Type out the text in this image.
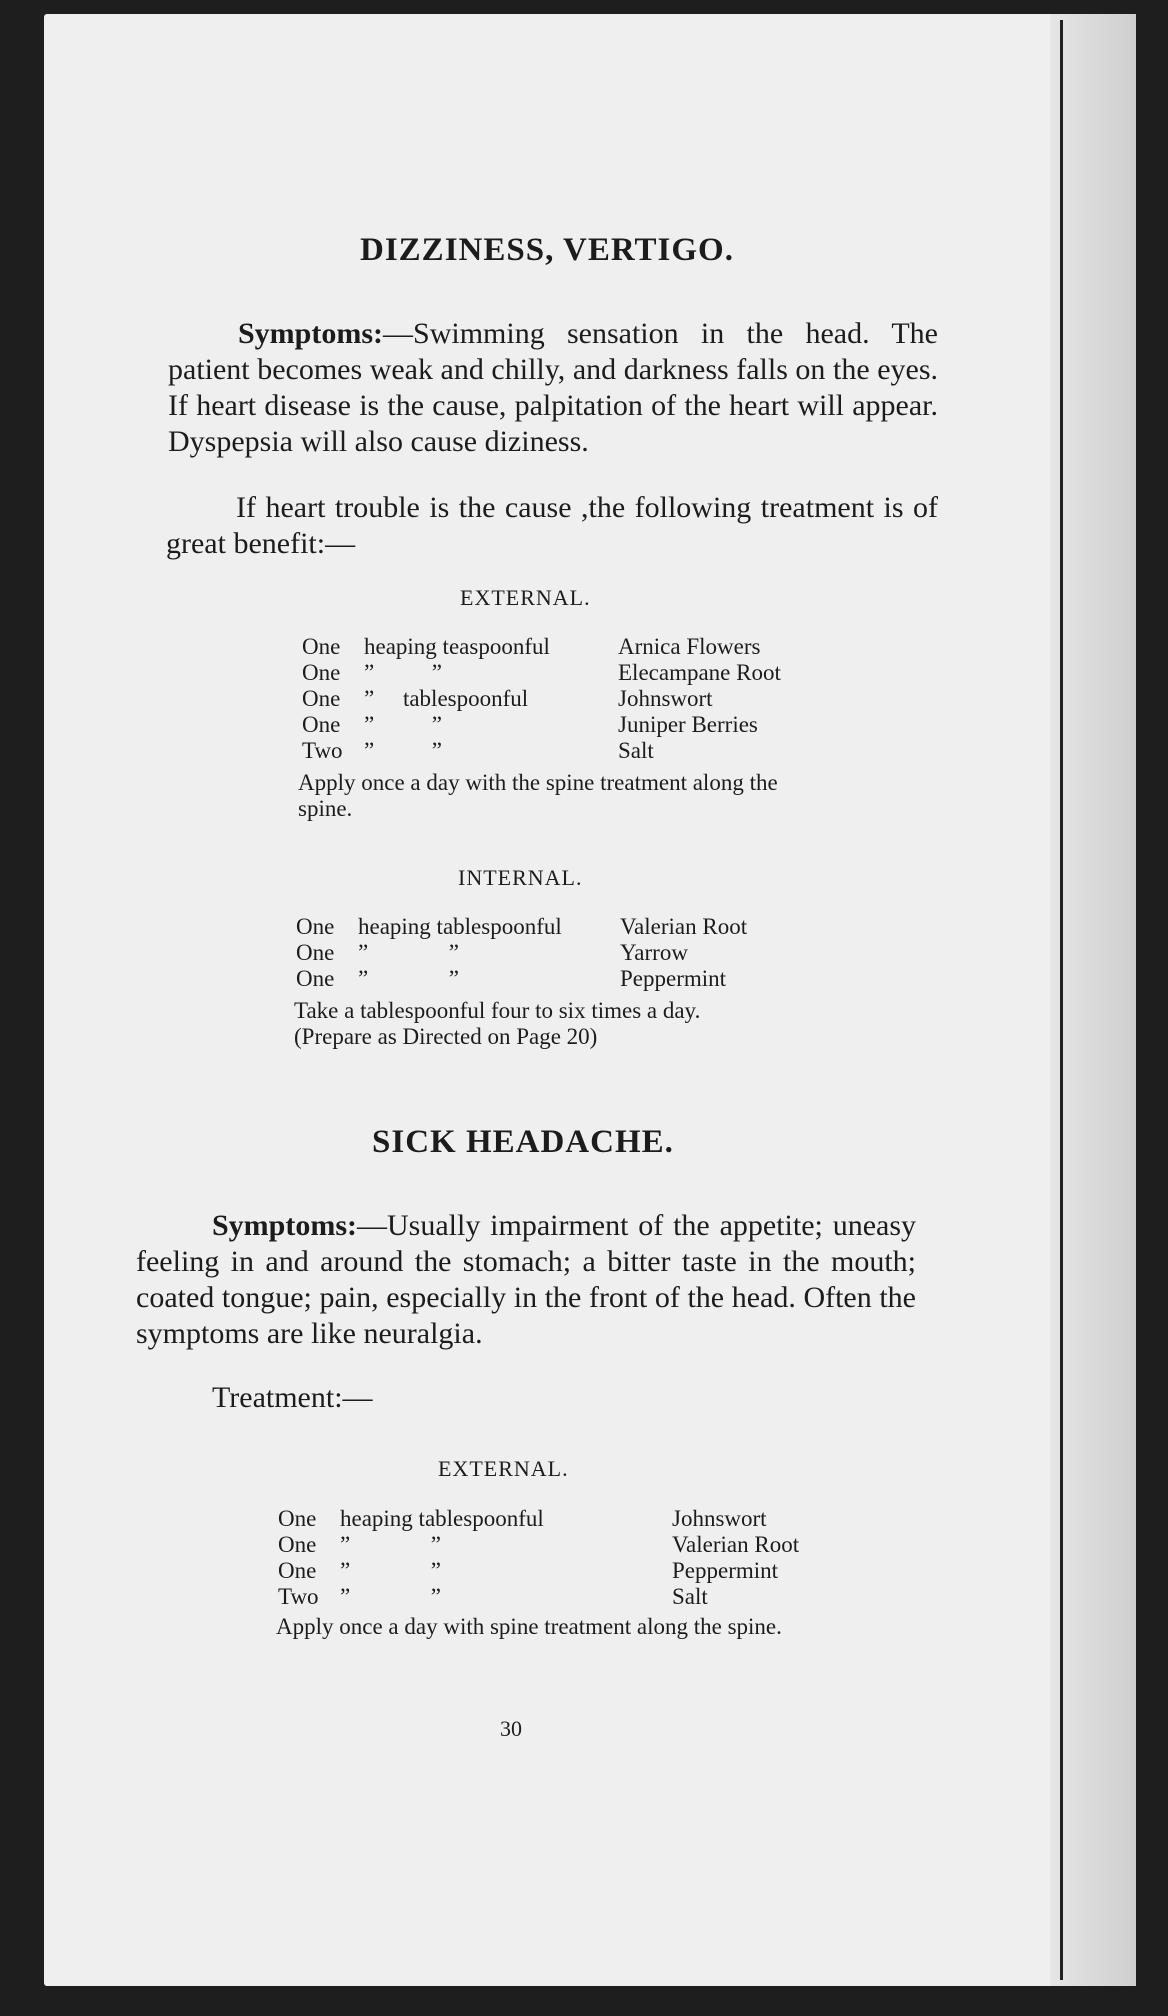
DIZZINESS, VERTIGO.

Symptoms:—Swimming sensation in the head. The patient becomes weak and chilly, and darkness falls on the eyes. If heart disease is the cause, palpitation of the heart will appear. Dyspepsia will also cause diziness.

If heart trouble is the cause ,the following treatment is of great benefit:—

EXTERNAL.

One	heaping teaspoonful	Arnica Flowers
One	”          ”	Elecampane Root
One	”     tablespoonful	Johnswort
One	”          ”	Juniper Berries
Two	”          ”	Salt

Apply once a day with the spine treatment along the spine.

INTERNAL.

One	heaping tablespoonful	Valerian Root
One	”              ”	Yarrow
One	”              ”	Peppermint

Take a tablespoonful four to six times a day.

(Prepare as Directed on Page 20)

SICK HEADACHE.

Symptoms:—Usually impairment of the appetite; uneasy feeling in and around the stomach; a bitter taste in the mouth; coated tongue; pain, especially in the front of the head. Often the symptoms are like neuralgia.

Treatment:—

EXTERNAL.

One	heaping tablespoonful	Johnswort
One	”              ”	Valerian Root
One	”              ”	Peppermint
Two	”              ”	Salt

Apply once a day with spine treatment along the spine.

30
